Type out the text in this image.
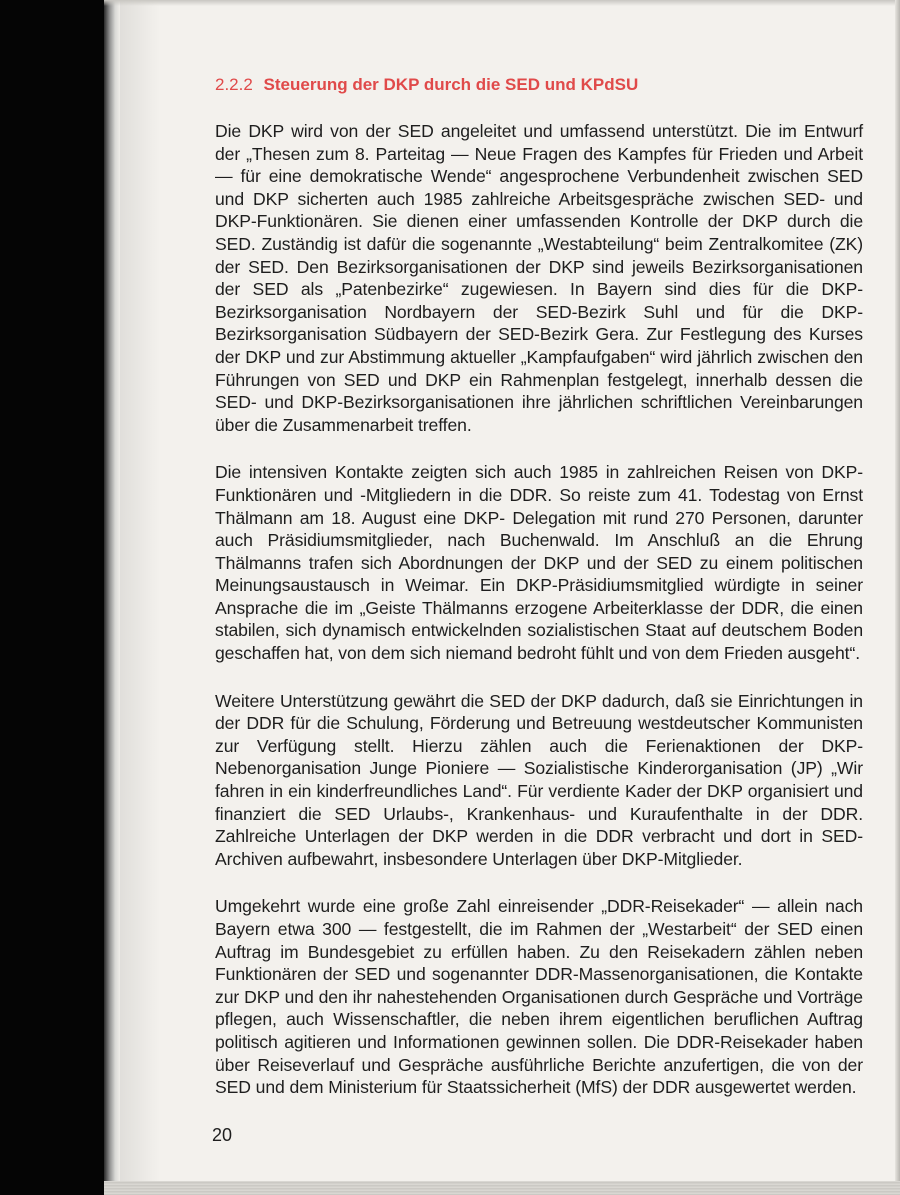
2.2.2 Steuerung der DKP durch die SED und KPdSU

Die DKP wird von der SED angeleitet und umfassend unterstützt. Die im Entwurf der „Thesen zum 8. Parteitag — Neue Fragen des Kampfes für Frieden und Arbeit — für eine demokratische Wende“ angesprochene Verbundenheit zwischen SED und DKP sicherten auch 1985 zahlreiche Arbeitsgespräche zwischen SED- und DKP-Funktionären. Sie dienen einer umfassenden Kontrolle der DKP durch die SED. Zuständig ist dafür die sogenannte „Westabteilung“ beim Zentralkomitee (ZK) der SED. Den Bezirksorganisationen der DKP sind jeweils Bezirksorganisationen der SED als „Patenbezirke“ zugewiesen. In Bayern sind dies für die DKP-Bezirksorganisation Nordbayern der SED-Bezirk Suhl und für die DKP-Bezirksorganisation Südbayern der SED-Bezirk Gera. Zur Festlegung des Kurses der DKP und zur Abstimmung aktueller „Kampfaufgaben“ wird jährlich zwischen den Führungen von SED und DKP ein Rahmenplan festgelegt, innerhalb dessen die SED- und DKP-Bezirksorganisationen ihre jährlichen schriftlichen Vereinbarungen über die Zusammenarbeit treffen.

Die intensiven Kontakte zeigten sich auch 1985 in zahlreichen Reisen von DKP-Funktionären und -Mitgliedern in die DDR. So reiste zum 41. Todestag von Ernst Thälmann am 18. August eine DKP- Delegation mit rund 270 Personen, darunter auch Präsidiumsmitglieder, nach Buchenwald. Im Anschluß an die Ehrung Thälmanns trafen sich Abordnungen der DKP und der SED zu einem politischen Meinungsaustausch in Weimar. Ein DKP-Präsidiumsmitglied würdigte in seiner Ansprache die im „Geiste Thälmanns erzogene Arbeiterklasse der DDR, die einen stabilen, sich dynamisch entwickelnden sozialistischen Staat auf deutschem Boden geschaffen hat, von dem sich niemand bedroht fühlt und von dem Frieden ausgeht“.

Weitere Unterstützung gewährt die SED der DKP dadurch, daß sie Einrichtungen in der DDR für die Schulung, Förderung und Betreuung westdeutscher Kommunisten zur Verfügung stellt. Hierzu zählen auch die Ferienaktionen der DKP-Nebenorganisation Junge Pioniere — Sozialistische Kinderorganisation (JP) „Wir fahren in ein kinderfreundliches Land“. Für verdiente Kader der DKP organisiert und finanziert die SED Urlaubs-, Krankenhaus- und Kuraufenthalte in der DDR. Zahlreiche Unterlagen der DKP werden in die DDR verbracht und dort in SED-Archiven aufbewahrt, insbesondere Unterlagen über DKP-Mitglieder.

Umgekehrt wurde eine große Zahl einreisender „DDR-Reisekader“ — allein nach Bayern etwa 300 — festgestellt, die im Rahmen der „Westarbeit“ der SED einen Auftrag im Bundesgebiet zu erfüllen haben. Zu den Reisekadern zählen neben Funktionären der SED und sogenannter DDR-Massenorganisationen, die Kontakte zur DKP und den ihr nahestehenden Organisationen durch Gespräche und Vorträge pflegen, auch Wissenschaftler, die neben ihrem eigentlichen beruflichen Auftrag politisch agitieren und Informationen gewinnen sollen. Die DDR-Reisekader haben über Reiseverlauf und Gespräche ausführliche Berichte anzufertigen, die von der SED und dem Ministerium für Staatssicherheit (MfS) der DDR ausgewertet werden.

20
